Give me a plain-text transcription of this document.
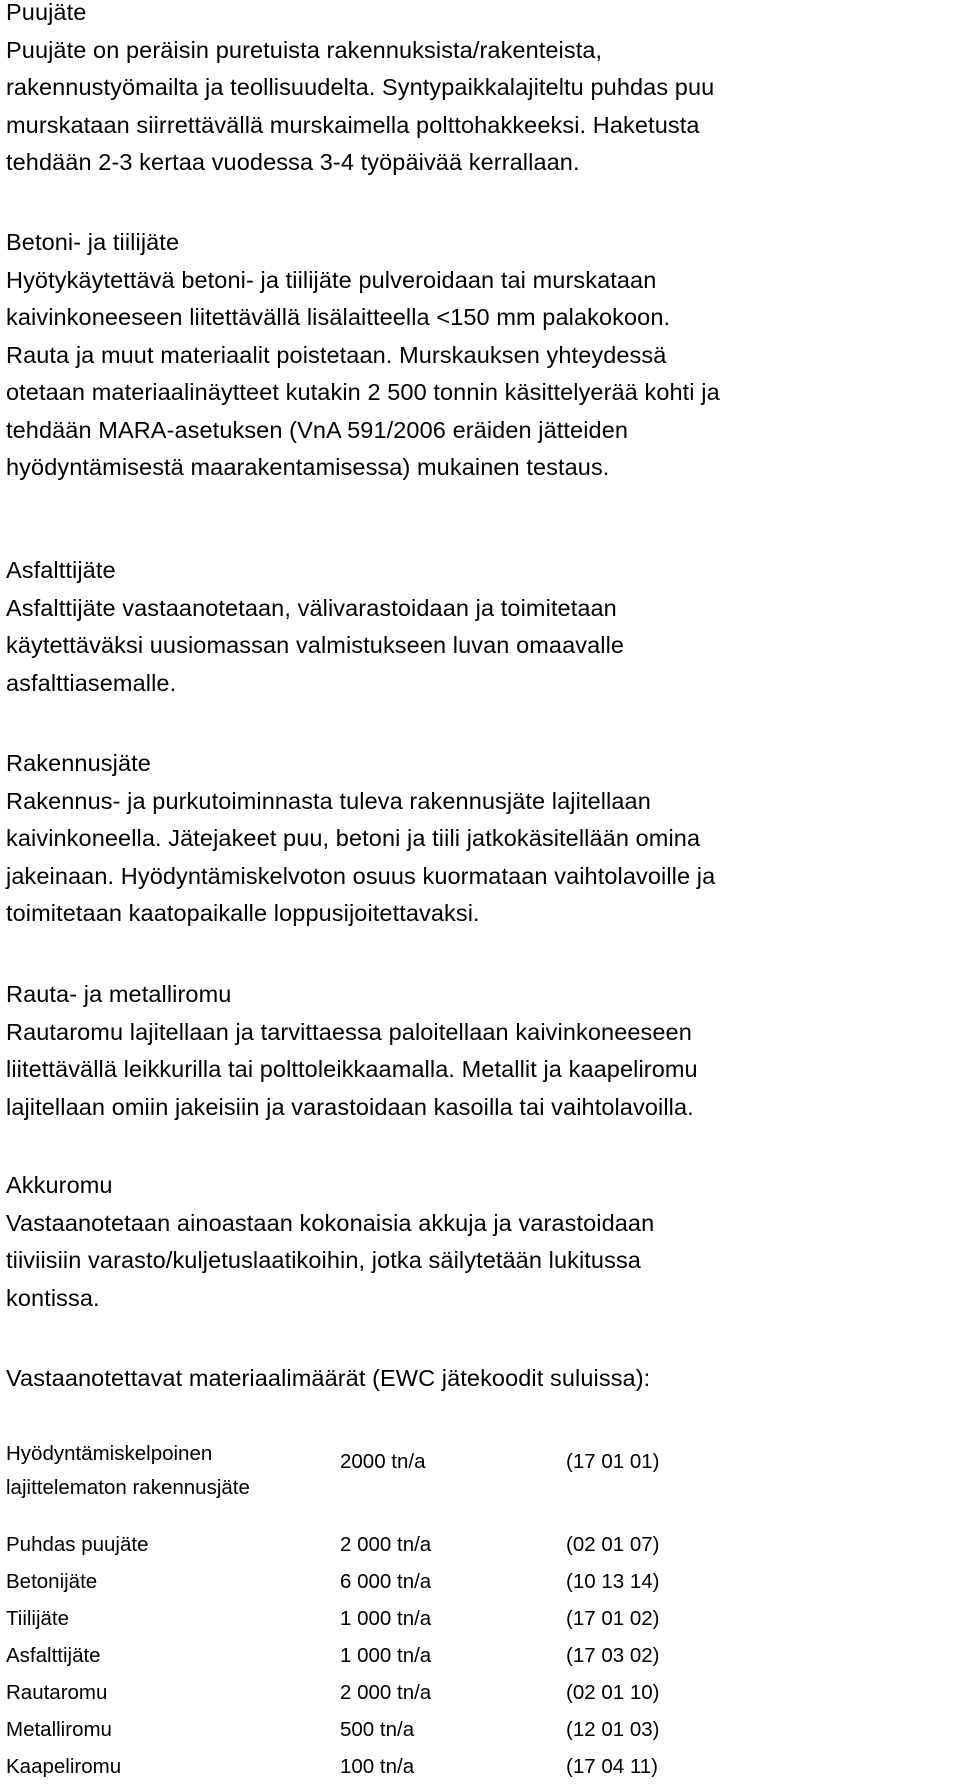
Puujäte
Puujäte on peräisin puretuista rakennuksista/rakenteista,
rakennustyömailta ja teollisuudelta. Syntypaikkalajiteltu puhdas puu
murskataan siirrettävällä murskaimella polttohakkeeksi. Haketusta
tehdään 2-3 kertaa vuodessa 3-4 työpäivää kerrallaan.
Betoni- ja tiilijäte
Hyötykäytettävä betoni- ja tiilijäte pulveroidaan tai murskataan
kaivinkoneeseen liitettävällä lisälaitteella <150 mm palakokoon.
Rauta ja muut materiaalit poistetaan. Murskauksen yhteydessä
otetaan materiaalinäytteet kutakin 2 500 tonnin käsittelyerää kohti ja
tehdään MARA-asetuksen (VnA 591/2006 eräiden jätteiden
hyödyntämisestä maarakentamisessa) mukainen testaus.
Asfalttijäte
Asfalttijäte vastaanotetaan, välivarastoidaan ja toimitetaan
käytettäväksi uusiomassan valmistukseen luvan omaavalle
asfalttiasemalle.
Rakennusjäte
Rakennus- ja purkutoiminnasta tuleva rakennusjäte lajitellaan
kaivinkoneella. Jätejakeet puu, betoni ja tiili jatkokäsitellään omina
jakeinaan. Hyödyntämiskelvoton osuus kuormataan vaihtolavoille ja
toimitetaan kaatopaikalle loppusijoitettavaksi.
Rauta- ja metalliromu
Rautaromu lajitellaan ja tarvittaessa paloitellaan kaivinkoneeseen
liitettävällä leikkurilla tai polttoleikkaamalla. Metallit ja kaapeliromu
lajitellaan omiin jakeisiin ja varastoidaan kasoilla tai vaihtolavoilla.
Akkuromu
Vastaanotetaan ainoastaan kokonaisia akkuja ja varastoidaan
tiiviisiin varasto/kuljetuslaatikoihin, jotka säilytetään lukitussa
kontissa.
Vastaanotettavat materiaalimäärät (EWC jätekoodit suluissa):
Hyödyntämiskelpoinen
lajittelematon rakennusjäte	2000 tn/a	(17 01 01)
Puhdas puujäte	2 000 tn/a	(02 01 07)
Betonijäte	6 000 tn/a	(10 13 14)
Tiilijäte	1 000 tn/a	(17 01 02)
Asfalttijäte	1 000 tn/a	(17 03 02)
Rautaromu	2 000 tn/a	(02 01 10)
Metalliromu	500 tn/a	(12 01 03)
Kaapeliromu	100 tn/a	(17 04 11)
